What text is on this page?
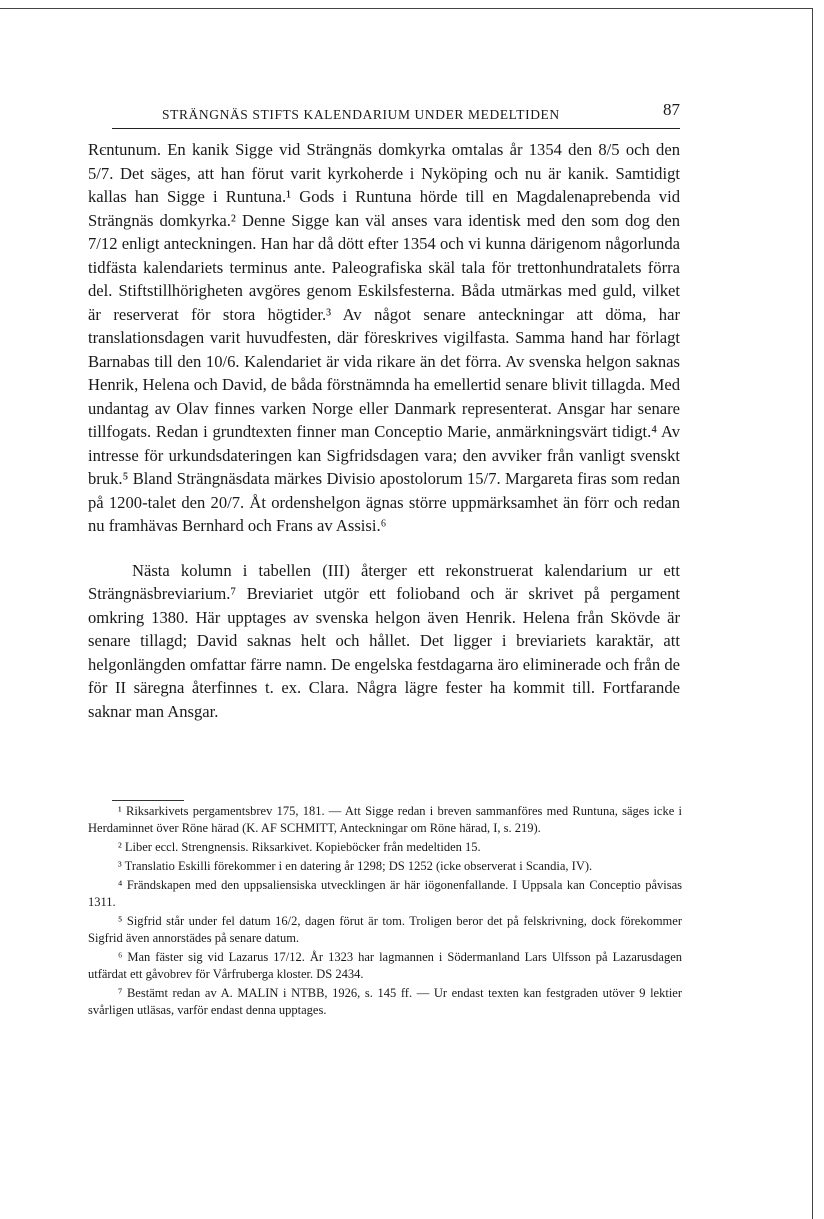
STRÄNGNÄS STIFTS KALENDARIUM UNDER MEDELTIDEN	87

Rєntunum. En kanik Sigge vid Strängnäs domkyrka omtalas år 1354 den 8/5 och den 5/7. Det säges, att han förut varit kyrkoherde i Nyköping och nu är kanik. Samtidigt kallas han Sigge i Runtuna.¹ Gods i Runtuna hörde till en Magdalenaprebenda vid Strängnäs domkyrka.² Denne Sigge kan väl anses vara identisk med den som dog den 7/12 enligt anteckningen. Han har då dött efter 1354 och vi kunna därigenom någorlunda tidfästa kalendariets terminus ante. Paleografiska skäl tala för trettonhundratalets förra del. Stiftstillhörigheten avgöres genom Eskilsfesterna. Båda utmärkas med guld, vilket är reserverat för stora högtider.³ Av något senare anteckningar att döma, har translationsdagen varit huvudfesten, där föreskrives vigilfasta. Samma hand har förlagt Barnabas till den 10/6. Kalendariet är vida rikare än det förra. Av svenska helgon saknas Henrik, Helena och David, de båda förstnämnda ha emellertid senare blivit tillagda. Med undantag av Olav finnes varken Norge eller Danmark representerat. Ansgar har senare tillfogats. Redan i grundtexten finner man Conceptio Marie, anmärkningsvärt tidigt.⁴ Av intresse för urkundsdateringen kan Sigfridsdagen vara; den avviker från vanligt svenskt bruk.⁵ Bland Strängnäsdata märkes Divisio apostolorum 15/7. Margareta firas som redan på 1200-talet den 20/7. Åt ordenshelgon ägnas större uppmärksamhet än förr och redan nu framhävas Bernhard och Frans av Assisi.⁶

Nästa kolumn i tabellen (III) återger ett rekonstruerat kalendarium ur ett Strängnäsbreviarium.⁷ Breviariet utgör ett folioband och är skrivet på pergament omkring 1380. Här upptages av svenska helgon även Henrik. Helena från Skövde är senare tillagd; David saknas helt och hållet. Det ligger i breviariets karaktär, att helgonlängden omfattar färre namn. De engelska festdagarna äro eliminerade och från de för II säregna återfinnes t. ex. Clara. Några lägre fester ha kommit till. Fortfarande saknar man Ansgar.

¹ Riksarkivets pergamentsbrev 175, 181. — Att Sigge redan i breven sammanföres med Runtuna, säges icke i Herdaminnet över Röne härad (K. AF SCHMITT, Anteckningar om Röne härad, I, s. 219).

² Liber eccl. Strengnensis. Riksarkivet. Kopieböcker från medeltiden 15.

³ Translatio Eskilli förekommer i en datering år 1298; DS 1252 (icke observerat i Scandia, IV).

⁴ Frändskapen med den uppsaliensiska utvecklingen är här iögonenfallande. I Uppsala kan Conceptio påvisas 1311.

⁵ Sigfrid står under fel datum 16/2, dagen förut är tom. Troligen beror det på felskrivning, dock förekommer Sigfrid även annorstädes på senare datum.

⁶ Man fäster sig vid Lazarus 17/12. År 1323 har lagmannen i Södermanland Lars Ulfsson på Lazarusdagen utfärdat ett gåvobrev för Vårfruberga kloster. DS 2434.

⁷ Bestämt redan av A. MALIN i NTBB, 1926, s. 145 ff. — Ur endast texten kan festgraden utöver 9 lektier svårligen utläsas, varför endast denna upptages.
